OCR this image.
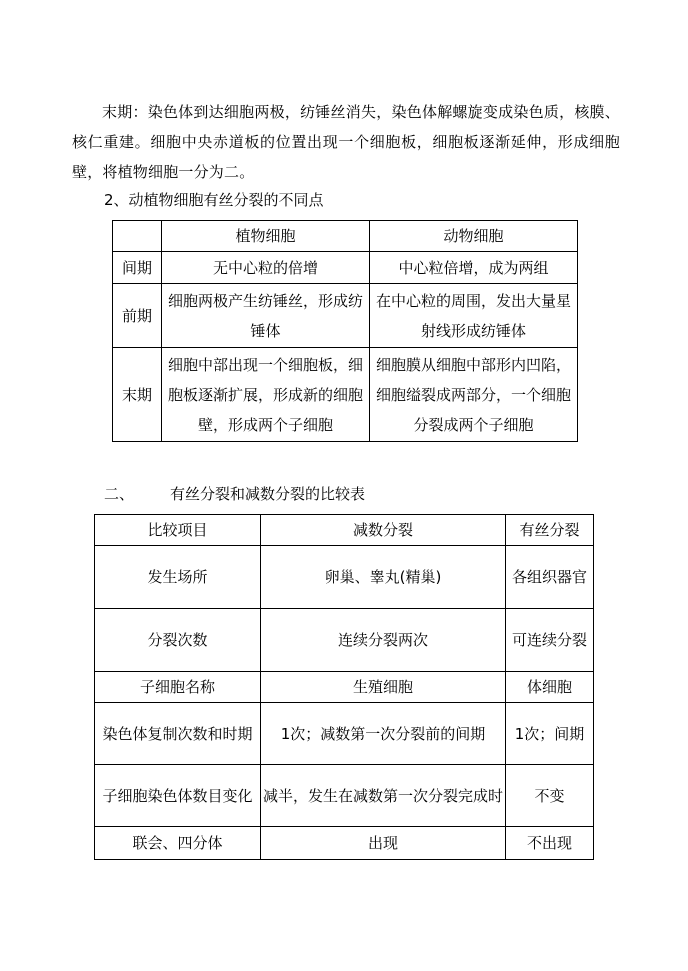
末期：染色体到达细胞两极，纺锤丝消失，染色体解螺旋变成染色质，核膜、核仁重建。细胞中央赤道板的位置出现一个细胞板，细胞板逐渐延伸，形成细胞壁，将植物细胞一分为二。

2、动植物细胞有丝分裂的不同点

	植物细胞	动物细胞
间期	无中心粒的倍增	中心粒倍增，成为两组
前期	细胞两极产生纺锤丝，形成纺锤体	在中心粒的周围，发出大量星射线形成纺锤体
末期	细胞中部出现一个细胞板，细胞板逐渐扩展，形成新的细胞壁，形成两个子细胞	细胞膜从细胞中部形内凹陷，细胞缢裂成两部分，一个细胞分裂成两个子细胞

二、 有丝分裂和减数分裂的比较表

比较项目	减数分裂	有丝分裂
发生场所	卵巢、睾丸(精巢)	各组织器官
分裂次数	连续分裂两次	可连续分裂
子细胞名称	生殖细胞	体细胞
染色体复制次数和时期	1次；减数第一次分裂前的间期	1次；间期
子细胞染色体数目变化	减半，发生在减数第一次分裂完成时	不变
联会、四分体	出现	不出现
